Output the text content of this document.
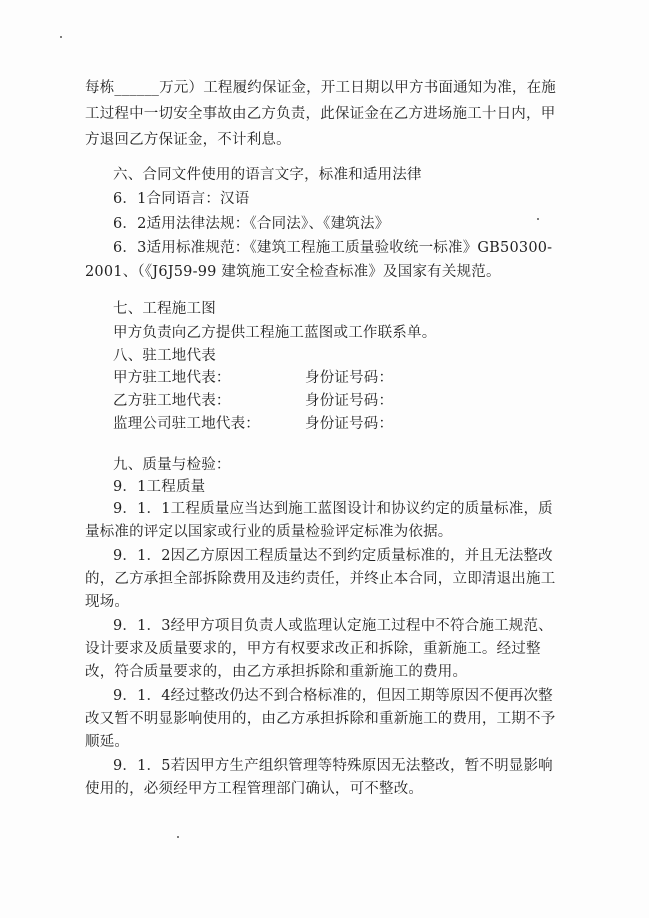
每栋______万元）工程履约保证金，开工日期以甲方书面通知为准，在施
工过程中一切安全事故由乙方负责，此保证金在乙方进场施工十日内，甲
方退回乙方保证金，不计利息。
六、合同文件使用的语言文字，标准和适用法律
6．1合同语言：汉语
6．2适用法律法规：《合同法》、《建筑法》
6．3适用标准规范：《建筑工程施工质量验收统一标准》GB50300-
2001、（《J6J59-99 建筑施工安全检查标准》及国家有关规范。
七、工程施工图
甲方负责向乙方提供工程施工蓝图或工作联系单。
八、驻工地代表
甲方驻工地代表：	身份证号码：
乙方驻工地代表：	身份证号码：
监理公司驻工地代表：	身份证号码：
九、质量与检验：
9．1工程质量
9．1．1工程质量应当达到施工蓝图设计和协议约定的质量标准，质
量标准的评定以国家或行业的质量检验评定标准为依据。
9．1．2因乙方原因工程质量达不到约定质量标准的，并且无法整改
的，乙方承担全部拆除费用及违约责任，并终止本合同，立即清退出施工
现场。
9．1．3经甲方项目负责人或监理认定施工过程中不符合施工规范、
设计要求及质量要求的，甲方有权要求改正和拆除，重新施工。经过整
改，符合质量要求的，由乙方承担拆除和重新施工的费用。
9．1．4经过整改仍达不到合格标准的，但因工期等原因不便再次整
改又暂不明显影响使用的，由乙方承担拆除和重新施工的费用，工期不予
顺延。
9．1．5若因甲方生产组织管理等特殊原因无法整改，暂不明显影响
使用的，必须经甲方工程管理部门确认，可不整改。
